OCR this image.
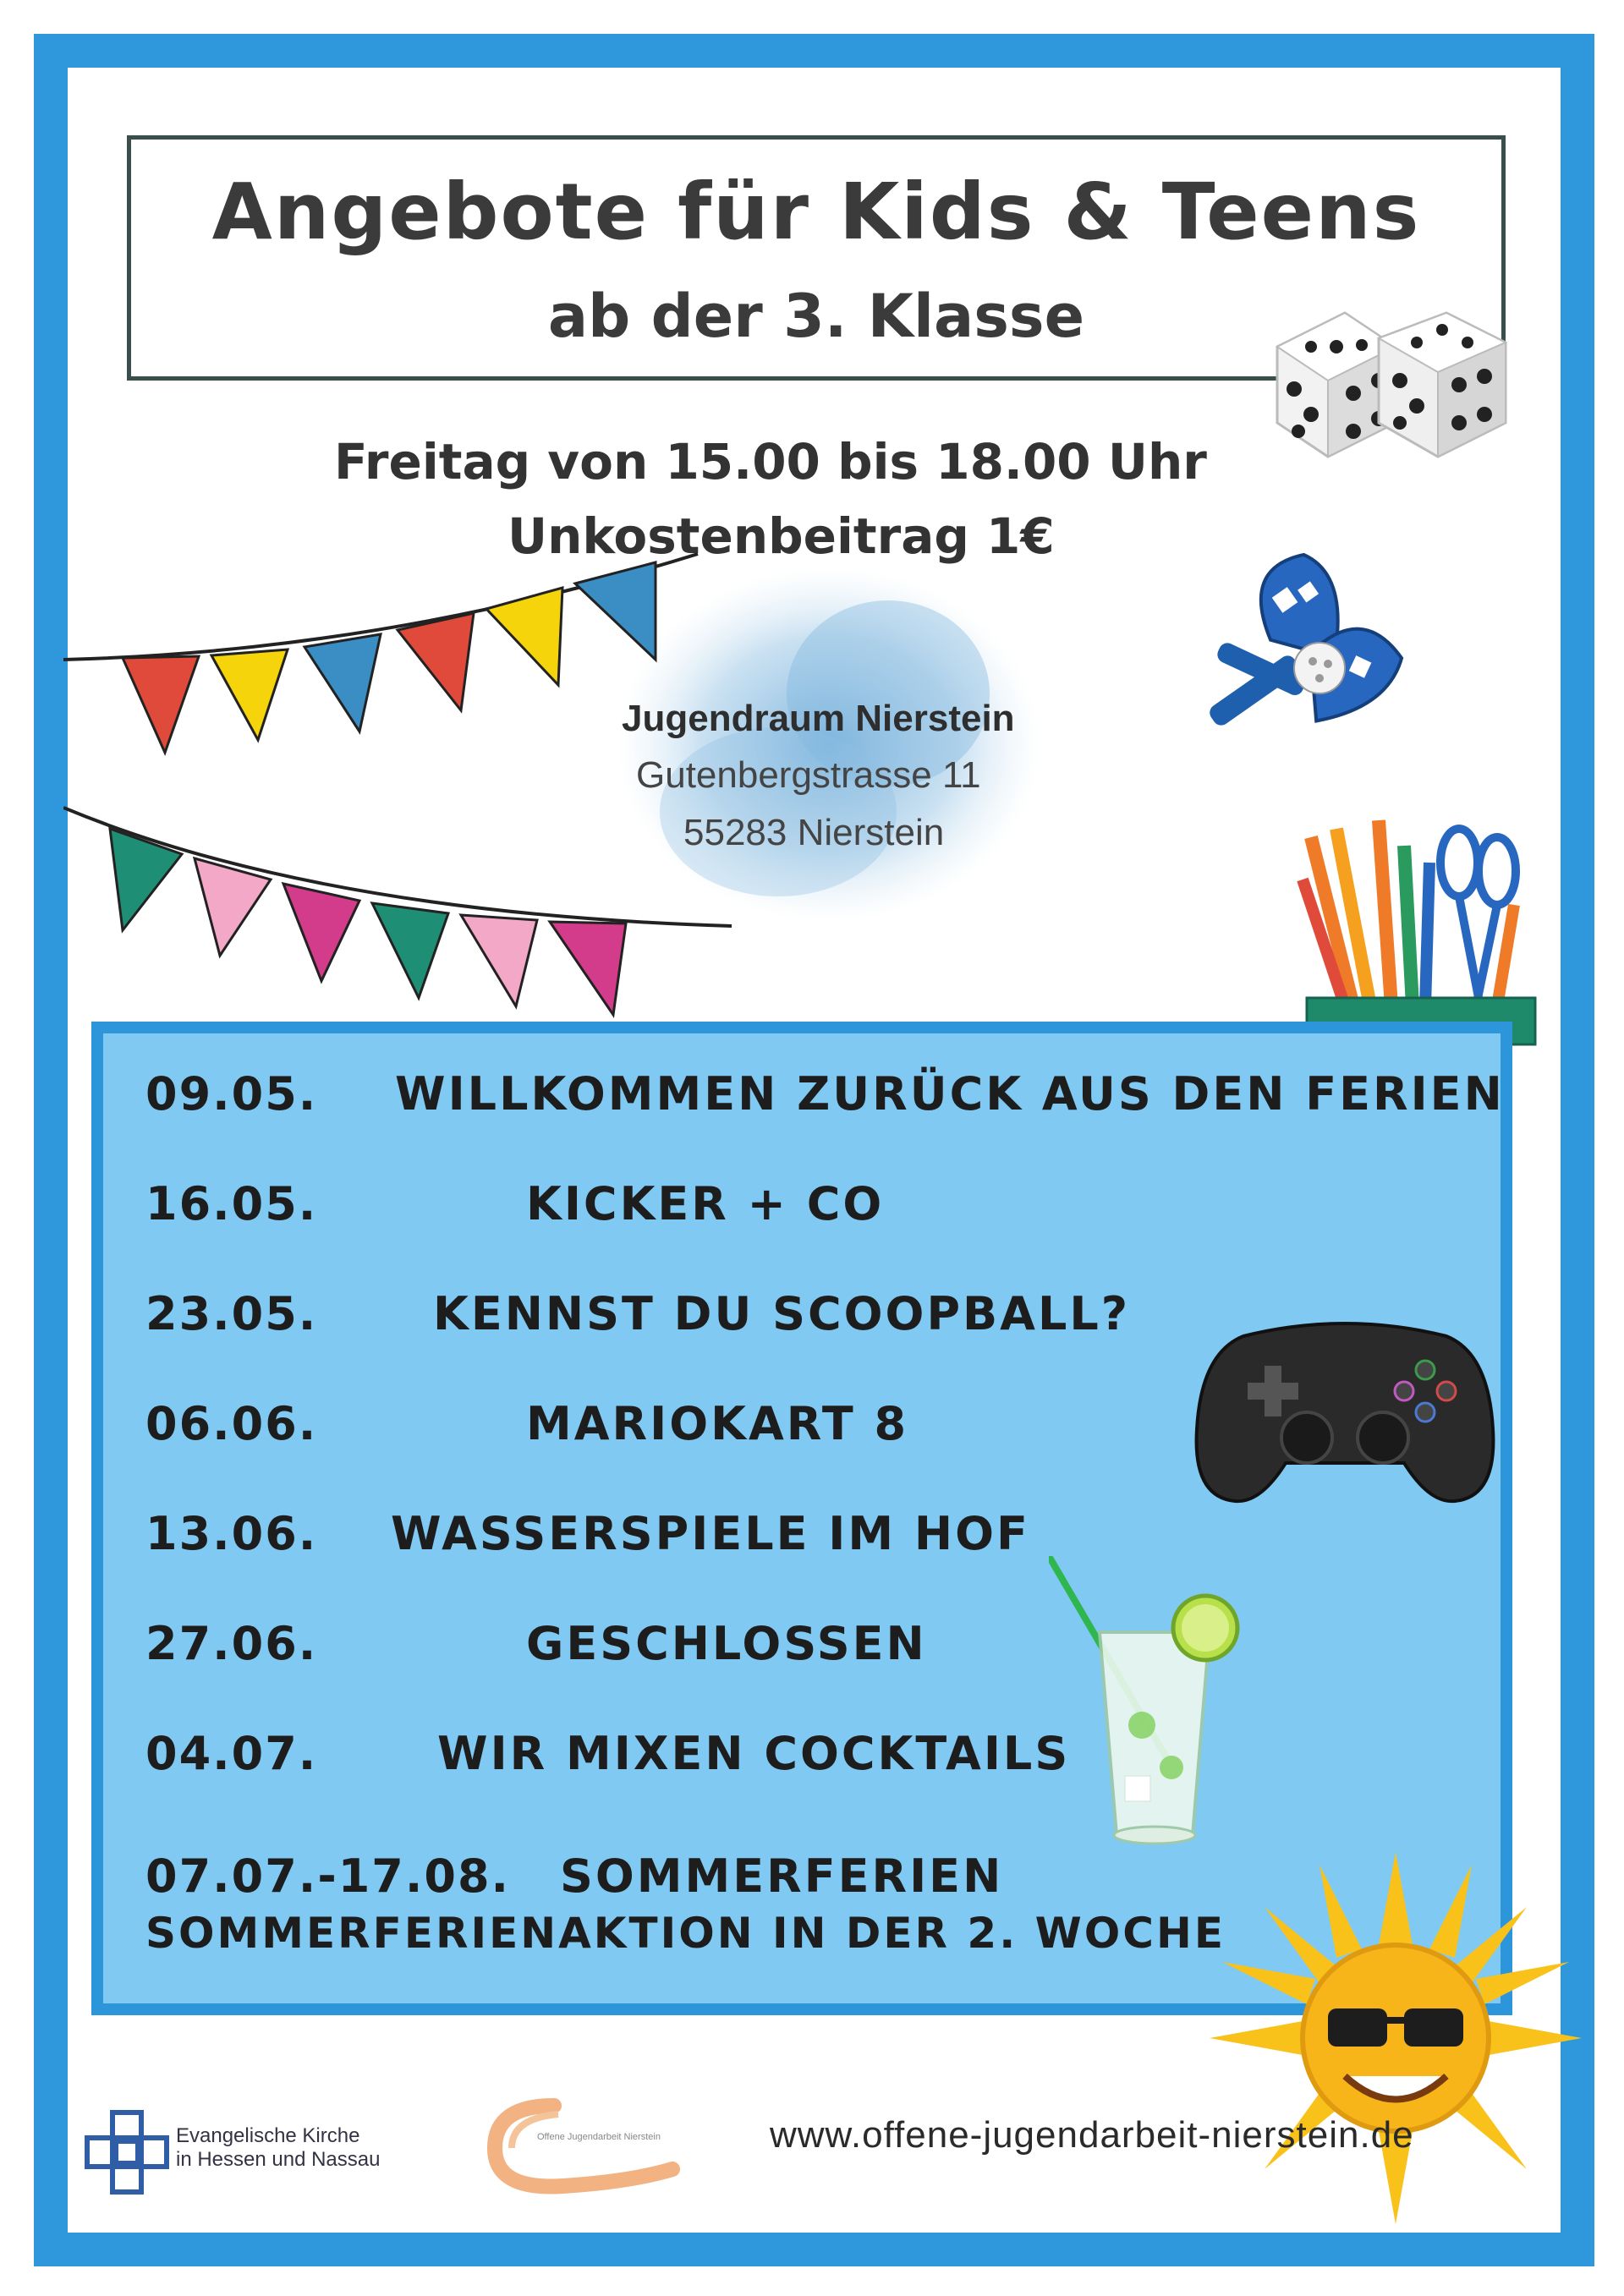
Angebote für Kids & Teens
ab der 3. Klasse
Freitag von 15.00 bis 18.00 Uhr
Unkostenbeitrag 1€
Jugendraum Nierstein
Gutenbergstrasse 11
55283 Nierstein
09.05. WILLKOMMEN ZURÜCK AUS DEN FERIEN
16.05.	KICKER + CO
23.05.	KENNST DU SCOOPBALL?
06.06.	MARIOKART 8
13.06. WASSERSPIELE IM HOF
27.06.	GESCHLOSSEN
04.07.	WIR MIXEN COCKTAILS
07.07.-17.08. SOMMERFERIEN
SOMMERFERIENAKTION IN DER 2. WOCHE
Evangelische Kirche
in Hessen und Nassau
Offene Jugendarbeit Nierstein	www.offene-jugendarbeit-nierstein.de
